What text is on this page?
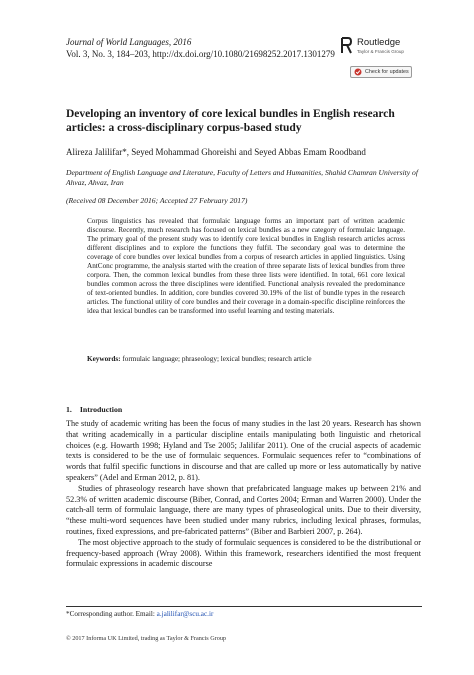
Journal of World Languages, 2016
Vol. 3, No. 3, 184–203, http://dx.doi.org/10.1080/21698252.2017.1301279
Routledge
Taylor & Francis Group
Check for updates
Developing an inventory of core lexical bundles in English research articles: a cross-disciplinary corpus-based study
Alireza Jalilifar*, Seyed Mohammad Ghoreishi and Seyed Abbas Emam Roodband
Department of English Language and Literature, Faculty of Letters and Humanities, Shahid Chamran University of Ahvaz, Ahvaz, Iran
(Received 08 December 2016; Accepted 27 February 2017)
Corpus linguistics has revealed that formulaic language forms an important part of written academic discourse. Recently, much research has focused on lexical bundles as a new category of formulaic language. The primary goal of the present study was to identify core lexical bundles in English research articles across different disciplines and to explore the functions they fulfil. The secondary goal was to determine the coverage of core bundles over lexical bundles from a corpus of research articles in applied linguistics. Using AntConc programme, the analysis started with the creation of three separate lists of lexical bundles from three corpora. Then, the common lexical bundles from these three lists were identified. In total, 661 core lexical bundles common across the three disciplines were identified. Functional analysis revealed the predominance of text-oriented bundles. In addition, core bundles covered 30.19% of the list of bundle types in the research articles. The functional utility of core bundles and their coverage in a domain-specific discipline reinforces the idea that lexical bundles can be transformed into useful learning and testing materials.
Keywords: formulaic language; phraseology; lexical bundles; research article
1. Introduction

The study of academic writing has been the focus of many studies in the last 20 years. Research has shown that writing academically in a particular discipline entails manipulating both linguistic and rhetorical choices (e.g. Howarth 1998; Hyland and Tse 2005; Jalilifar 2011). One of the crucial aspects of academic texts is considered to be the use of formulaic sequences. Formulaic sequences refer to “combinations of words that fulfil specific functions in discourse and that are called up more or less automatically by native speakers” (Adel and Erman 2012, p. 81).

Studies of phraseology research have shown that prefabricated language makes up between 21% and 52.3% of written academic discourse (Biber, Conrad, and Cortes 2004; Erman and Warren 2000). Under the catch-all term of formulaic language, there are many types of phraseological units. Due to their diversity, “these multi-word sequences have been studied under many rubrics, including lexical phrases, formulas, routines, fixed expressions, and pre-fabricated patterns” (Biber and Barbieri 2007, p. 264).

The most objective approach to the study of formulaic sequences is considered to be the distributional or frequency-based approach (Wray 2008). Within this framework, researchers identified the most frequent formulaic expressions in academic discourse

*Corresponding author. Email: a.jalilifar@scu.ac.ir
© 2017 Informa UK Limited, trading as Taylor & Francis Group
